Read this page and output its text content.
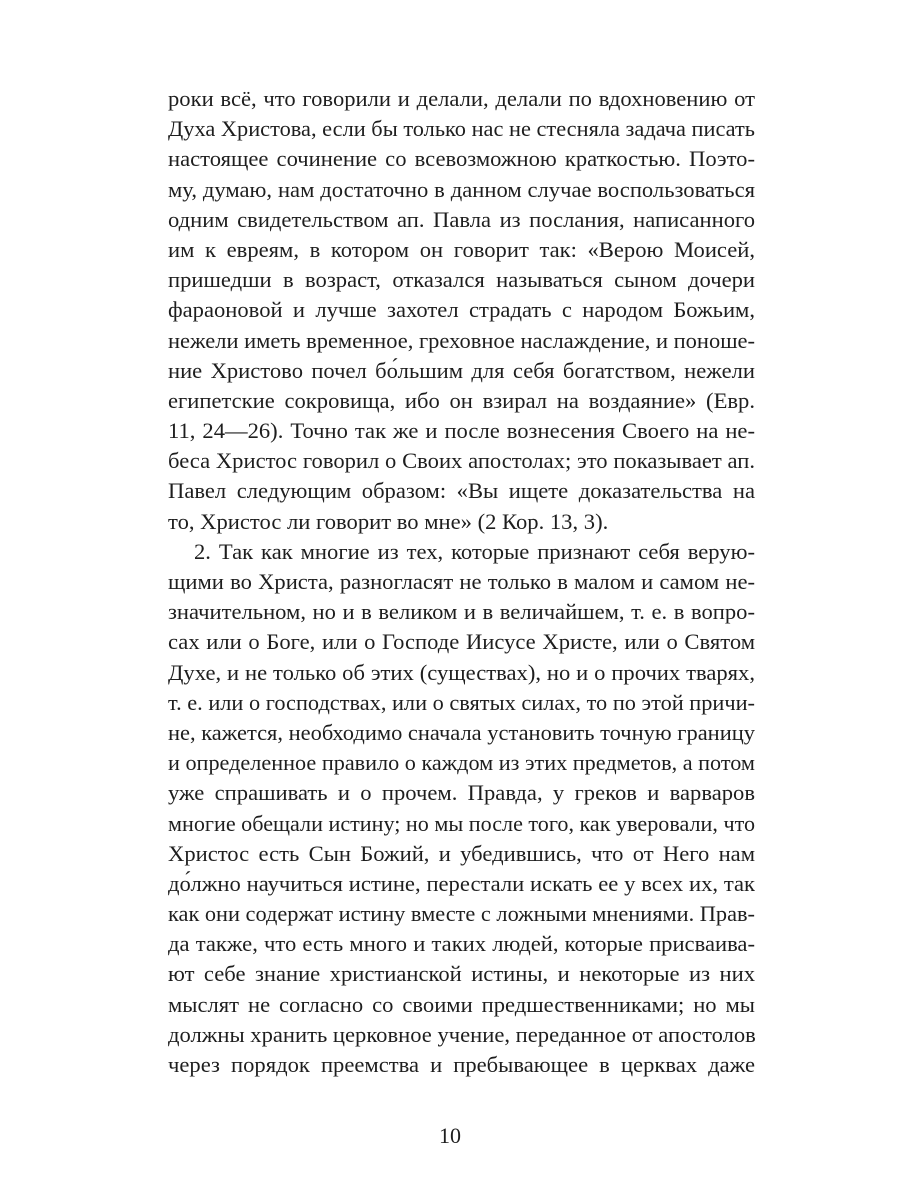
роки всё, что говорили и делали, делали по вдохновению от
Духа Христова, если бы только нас не стесняла задача писать
настоящее сочинение со всевозможною краткостью. Поэто-
му, думаю, нам достаточно в данном случае воспользоваться
одним свидетельством ап. Павла из послания, написанного
им к евреям, в котором он говорит так: «Верою Моисей,
пришедши в возраст, отказался называться сыном дочери
фараоновой и лучше захотел страдать с народом Божьим,
нежели иметь временное, греховное наслаждение, и поноше-
ние Христово почел бо́льшим для себя богатством, нежели
египетские сокровища, ибо он взирал на воздаяние» (Евр.
11, 24—26). Точно так же и после вознесения Своего на не-
беса Христос говорил о Своих апостолах; это показывает ап.
Павел следующим образом: «Вы ищете доказательства на
то, Христос ли говорит во мне» (2 Кор. 13, 3).
2. Так как многие из тех, которые признают себя верую-
щими во Христа, разногласят не только в малом и самом не-
значительном, но и в великом и в величайшем, т. е. в вопро-
сах или о Боге, или о Господе Иисусе Христе, или о Святом
Духе, и не только об этих (существах), но и о прочих тварях,
т. е. или о господствах, или о святых силах, то по этой причи-
не, кажется, необходимо сначала установить точную границу
и определенное правило о каждом из этих предметов, а потом
уже спрашивать и о прочем. Правда, у греков и варваров
многие обещали истину; но мы после того, как уверовали, что
Христос есть Сын Божий, и убедившись, что от Него нам
до́лжно научиться истине, перестали искать ее у всех их, так
как они содержат истину вместе с ложными мнениями. Прав-
да также, что есть много и таких людей, которые присваива-
ют себе знание христианской истины, и некоторые из них
мыслят не согласно со своими предшественниками; но мы
должны хранить церковное учение, переданное от апостолов
через порядок преемства и пребывающее в церквах даже
10
